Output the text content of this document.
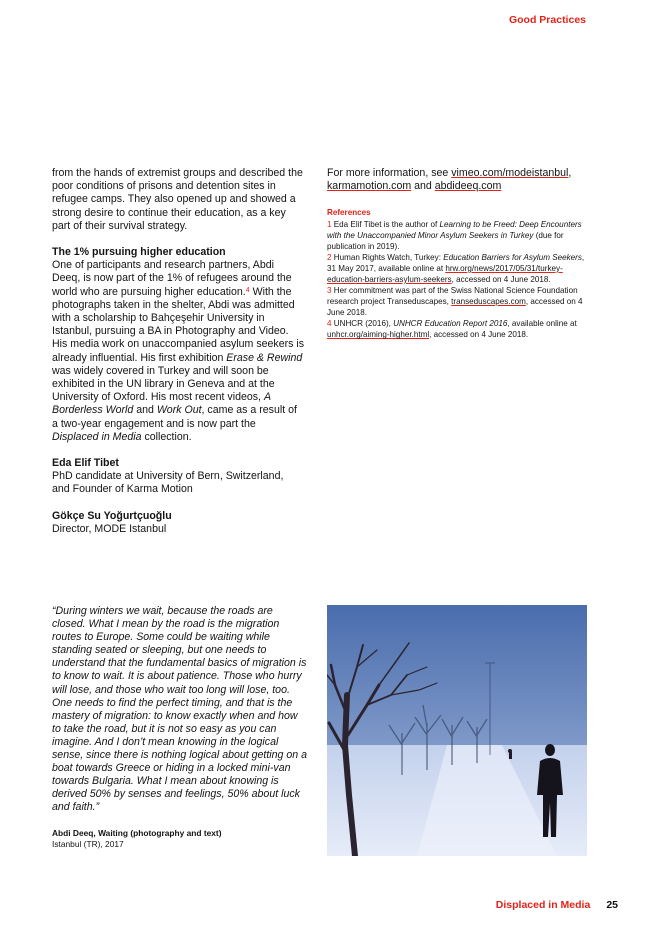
Good Practices

from the hands of extremist groups and described the poor conditions of prisons and detention sites in refugee camps. They also opened up and showed a strong desire to continue their education, as a key part of their survival strategy.

The 1% pursuing higher education

One of participants and research partners, Abdi Deeq, is now part of the 1% of refugees around the world who are pursuing higher education.$^4$ With the photographs taken in the shelter, Abdi was admitted with a scholarship to Bahçeşehir University in Istanbul, pursuing a BA in Photography and Video. His media work on unaccompanied asylum seekers is already influential. His first exhibition Erase & Rewind was widely covered in Turkey and will soon be exhibited in the UN library in Geneva and at the University of Oxford. His most recent videos, A Borderless World and Work Out, came as a result of a two-year engagement and is now part the Displaced in Media collection.

Eda Elif Tibet

PhD candidate at University of Bern, Switzerland, and Founder of Karma Motion

Gökçe Su Yoğurtçuoğlu

Director, MODE Istanbul

For more information, see vimeo.com/modeistanbul,
karmamotion.com and abdideeq.com

References
1 Eda Elif Tibet is the author of Learning to be Freed: Deep Encounters with the Unaccompanied Minor Asylum Seekers in Turkey (due for publication in 2019).
2 Human Rights Watch, Turkey: Education Barriers for Asylum Seekers, 31 May 2017, available online at hrw.org/news/2017/05/31/turkey-education-barriers-asylum-seekers, accessed on 4 June 2018.
3 Her commitment was part of the Swiss National Science Foundation research project Transeduscapes, transeduscapes.com, accessed on 4 June 2018.
4 UNHCR (2016), UNHCR Education Report 2016, available online at unhcr.org/aiming-higher.html, accessed on 4 June 2018.
“During winters we wait, because the roads are closed. What I mean by the road is the migration routes to Europe. Some could be waiting while standing seated or sleeping, but one needs to understand that the fundamental basics of migration is to know to wait. It is about patience. Those who hurry will lose, and those who wait too long will lose, too. One needs to find the perfect timing, and that is the mastery of migration: to know exactly when and how to take the road, but it is not so easy as you can imagine. And I don’t mean knowing in the logical sense, since there is nothing logical about getting on a boat towards Greece or hiding in a locked mini-van towards Bulgaria. What I mean about knowing is derived 50% by senses and feelings, 50% about luck and faith.”
Abdi Deeq, Waiting (photography and text)
Istanbul (TR), 2017
Displaced in Media 25
